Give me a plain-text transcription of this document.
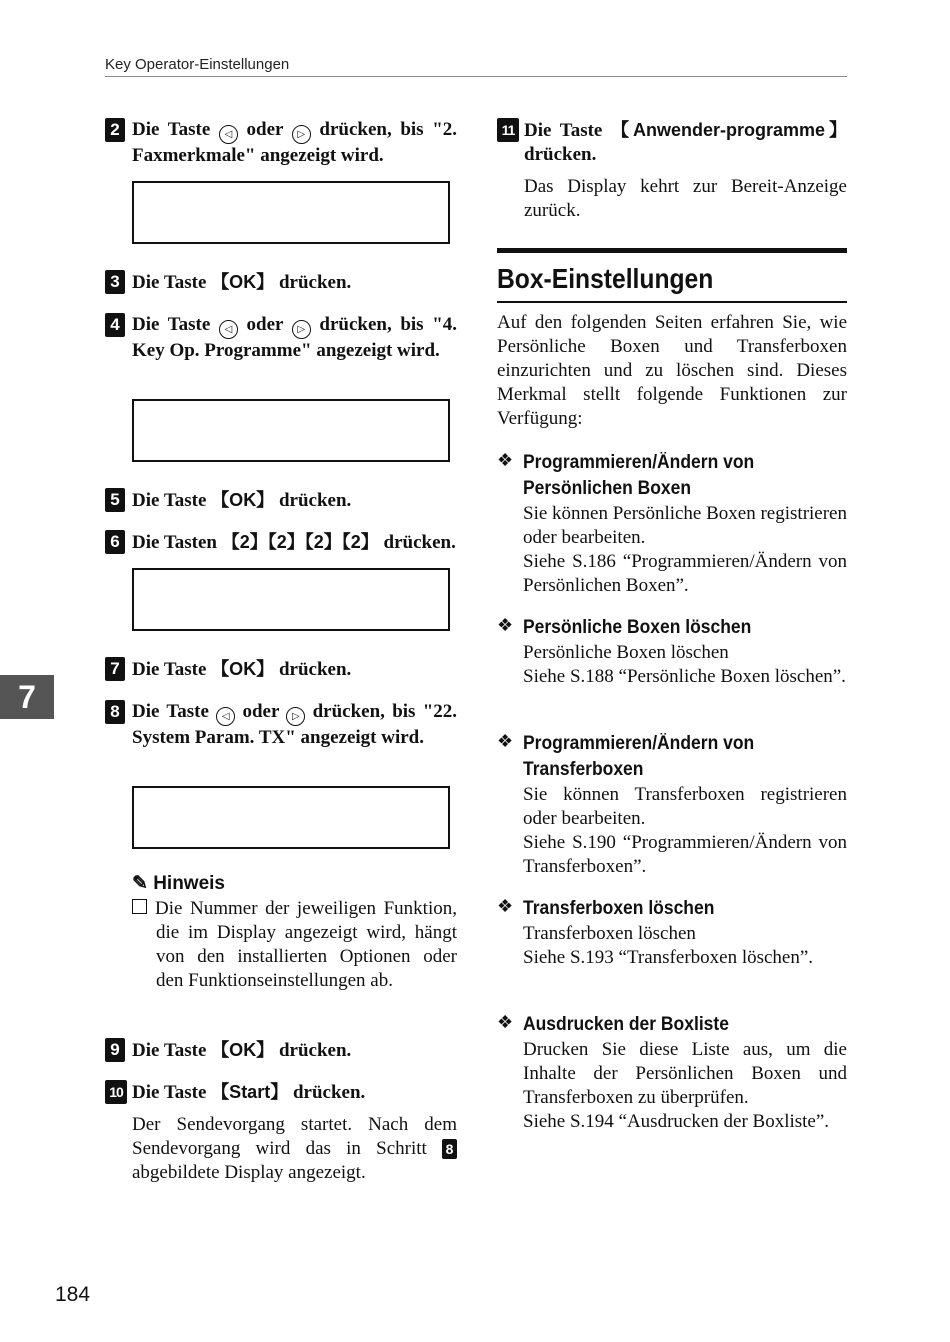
Key Operator-Einstellungen
7
184
2 Die Taste ◁ oder ▷ drücken, bis "2. Faxmerkmale" angezeigt wird.

3 Die Taste 【OK】 drücken.
4 Die Taste ◁ oder ▷ drücken, bis "4. Key Op. Programme" angezeigt wird.

5 Die Taste 【OK】 drücken.
6 Die Tasten 【2】【2】【2】【2】 drücken.

7 Die Taste 【OK】 drücken.
8 Die Taste ◁ oder ▷ drücken, bis "22. System Param. TX" angezeigt wird.

✎ Hinweis
Die Nummer der jeweiligen Funktion, die im Display angezeigt wird, hängt von den installierten Optionen oder den Funktionseinstellungen ab.
9 Die Taste 【OK】 drücken.
10 Die Taste 【Start】 drücken.
Der Sendevorgang startet. Nach dem Sendevorgang wird das in Schritt 8 abgebildete Display angezeigt.
11 Die Taste 【Anwender-programme】 drücken.
Das Display kehrt zur Bereit-Anzeige zurück.
Box-Einstellungen
Auf den folgenden Seiten erfahren Sie, wie Persönliche Boxen und Transferboxen einzurichten und zu löschen sind. Dieses Merkmal stellt folgende Funktionen zur Verfügung:
❖ Programmieren/Ändern von Persönlichen Boxen
Sie können Persönliche Boxen registrieren oder bearbeiten.
Siehe S.186 “Programmieren/Ändern von Persönlichen Boxen”.
❖ Persönliche Boxen löschen
Persönliche Boxen löschen
Siehe S.188 “Persönliche Boxen löschen”.
❖ Programmieren/Ändern von Transferboxen
Sie können Transferboxen registrieren oder bearbeiten.
Siehe S.190 “Programmieren/Ändern von Transferboxen”.
❖ Transferboxen löschen
Transferboxen löschen
Siehe S.193 “Transferboxen löschen”.
❖ Ausdrucken der Boxliste
Drucken Sie diese Liste aus, um die Inhalte der Persönlichen Boxen und Transferboxen zu überprüfen.
Siehe S.194 “Ausdrucken der Boxliste”.
